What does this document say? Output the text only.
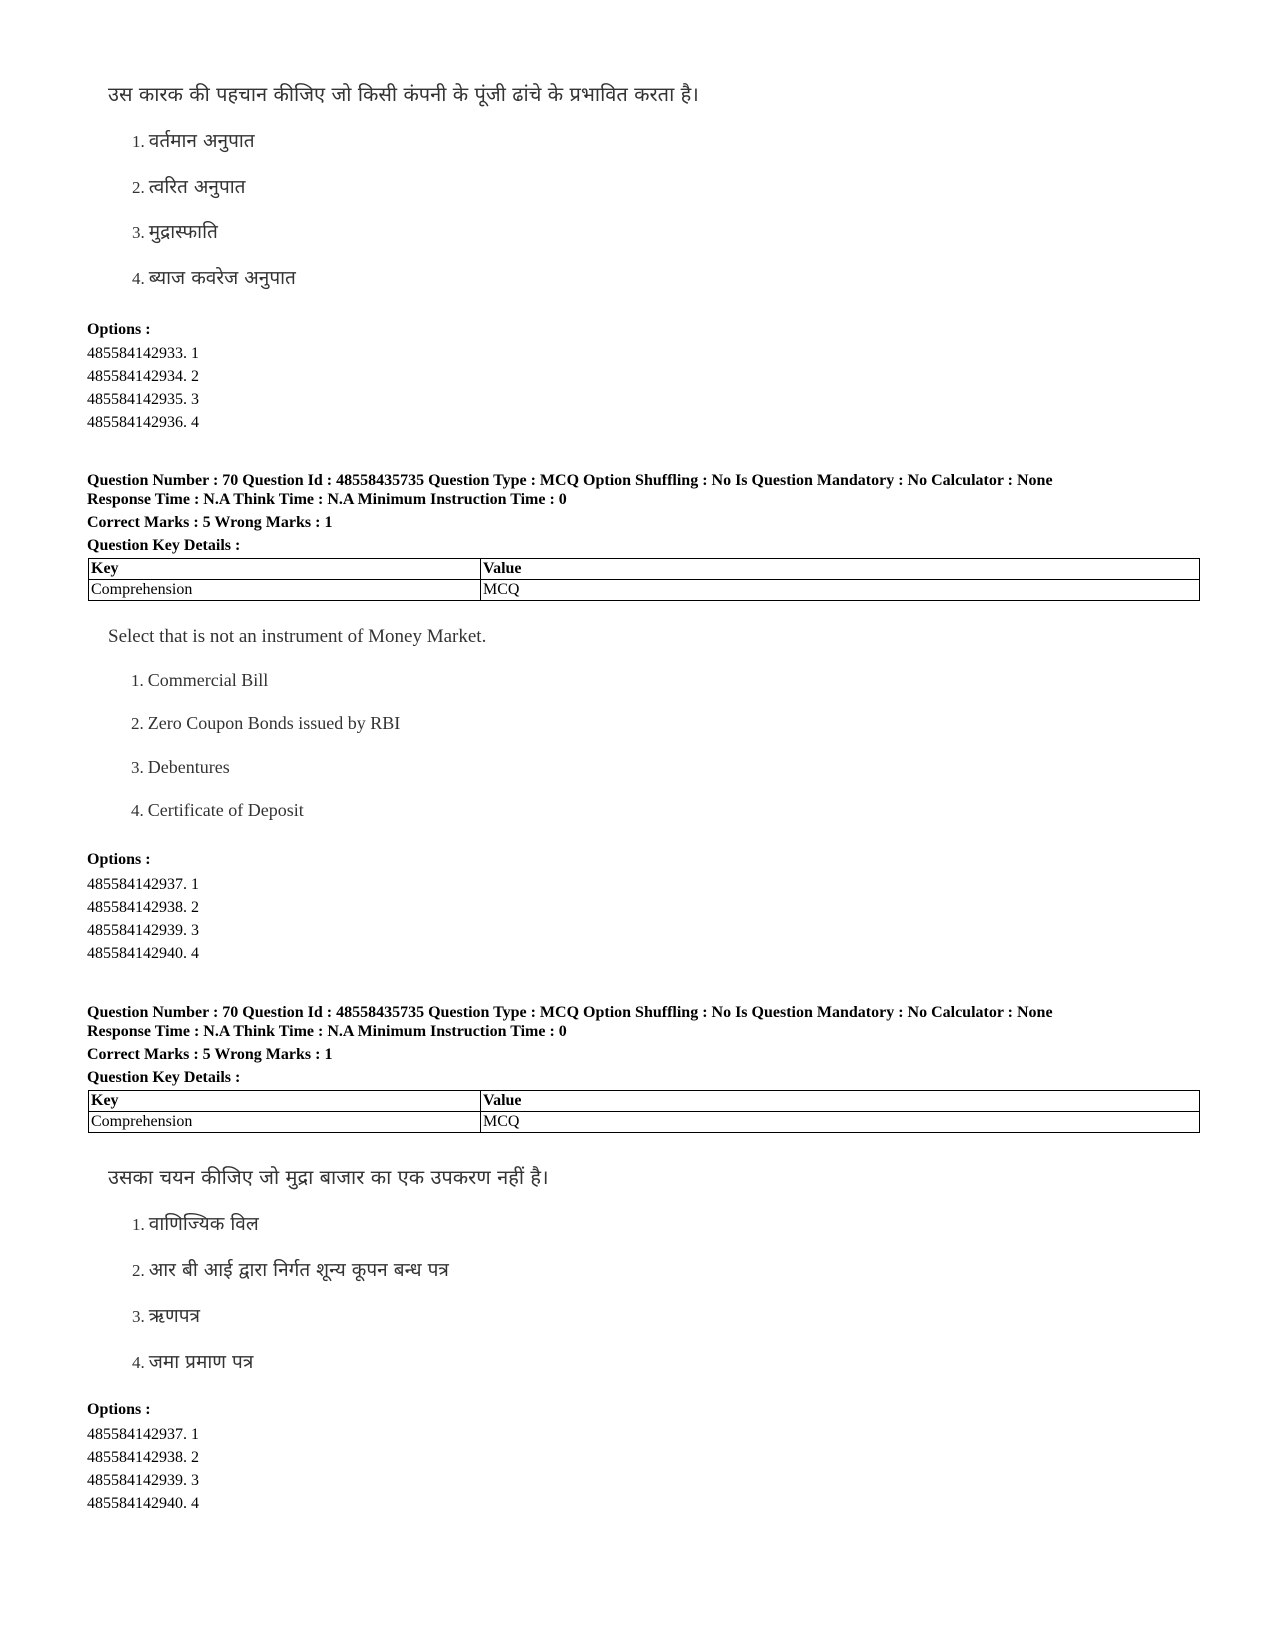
उस कारक की पहचान कीजिए जो किसी कंपनी के पूंजी ढांचे के प्रभावित करता है।
1. वर्तमान अनुपात
2. त्वरित अनुपात
3. मुद्रास्फाति
4. ब्याज कवरेज अनुपात
Options :
485584142933. 1
485584142934. 2
485584142935. 3
485584142936. 4
Question Number : 70 Question Id : 48558435735 Question Type : MCQ Option Shuffling : No Is Question Mandatory : No Calculator : None
Response Time : N.A Think Time : N.A Minimum Instruction Time : 0
Correct Marks : 5 Wrong Marks : 1
Question Key Details :
Key	Value
Comprehension	MCQ
Select that is not an instrument of Money Market.
1. Commercial Bill
2. Zero Coupon Bonds issued by RBI
3. Debentures
4. Certificate of Deposit
Options :
485584142937. 1
485584142938. 2
485584142939. 3
485584142940. 4
Question Number : 70 Question Id : 48558435735 Question Type : MCQ Option Shuffling : No Is Question Mandatory : No Calculator : None
Response Time : N.A Think Time : N.A Minimum Instruction Time : 0
Correct Marks : 5 Wrong Marks : 1
Question Key Details :
Key	Value
Comprehension	MCQ
उसका चयन कीजिए जो मुद्रा बाजार का एक उपकरण नहीं है।
1. वाणिज्यिक विल
2. आर बी आई द्वारा निर्गत शून्य कूपन बन्ध पत्र
3. ऋणपत्र
4. जमा प्रमाण पत्र
Options :
485584142937. 1
485584142938. 2
485584142939. 3
485584142940. 4
